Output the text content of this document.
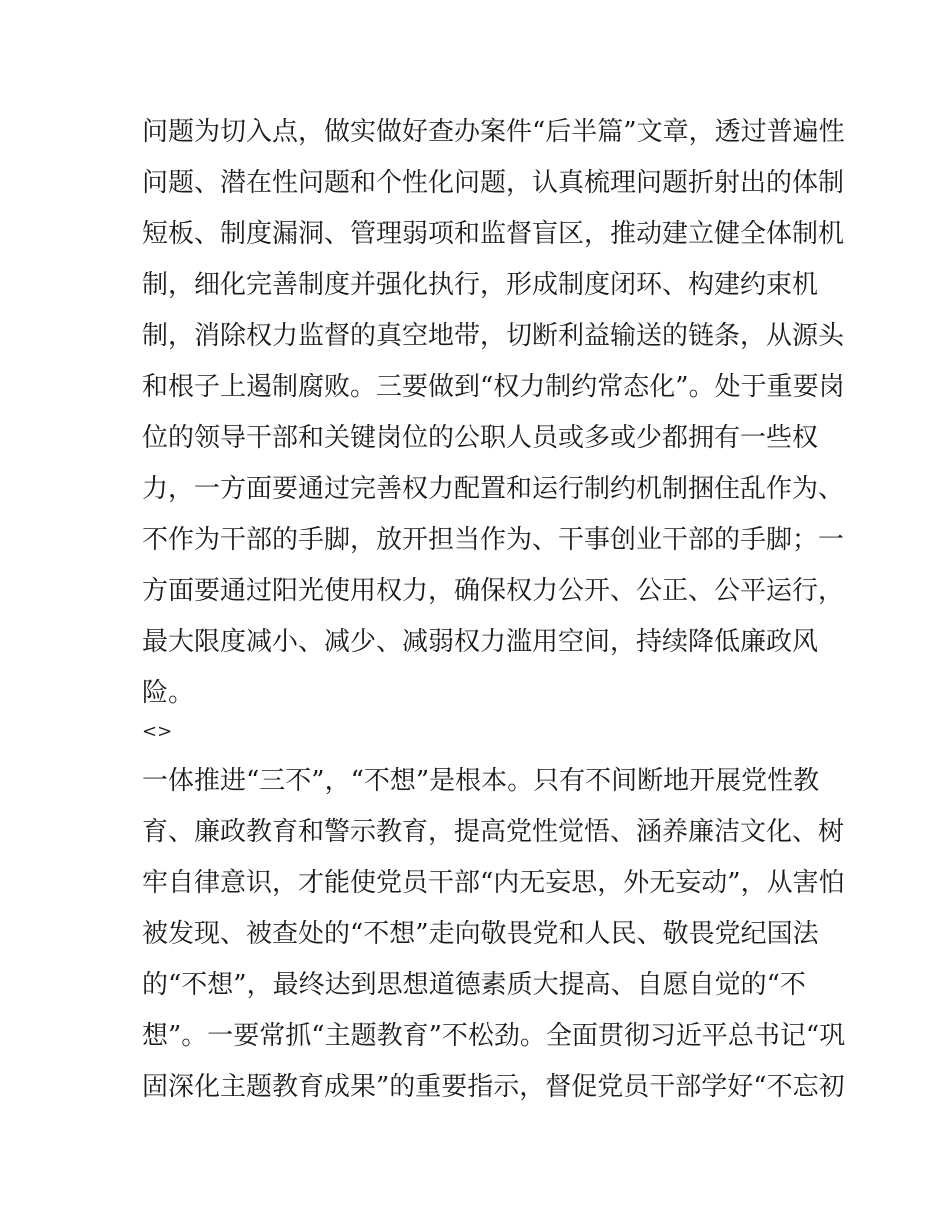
问题为切入点，做实做好查办案件“后半篇”文章，透过普遍性
问题、潜在性问题和个性化问题，认真梳理问题折射出的体制
短板、制度漏洞、管理弱项和监督盲区，推动建立健全体制机
制，细化完善制度并强化执行，形成制度闭环、构建约束机
制，消除权力监督的真空地带，切断利益输送的链条，从源头
和根子上遏制腐败。三要做到“权力制约常态化”。处于重要岗
位的领导干部和关键岗位的公职人员或多或少都拥有一些权
力，一方面要通过完善权力配置和运行制约机制捆住乱作为、
不作为干部的手脚，放开担当作为、干事创业干部的手脚；一
方面要通过阳光使用权力，确保权力公开、公正、公平运行，
最大限度减小、减少、减弱权力滥用空间，持续降低廉政风
险。
<>
一体推进“三不”，“不想”是根本。只有不间断地开展党性教
育、廉政教育和警示教育，提高党性觉悟、涵养廉洁文化、树
牢自律意识，才能使党员干部“内无妄思，外无妄动”，从害怕
被发现、被查处的“不想”走向敬畏党和人民、敬畏党纪国法
的“不想”，最终达到思想道德素质大提高、自愿自觉的“不
想”。一要常抓“主题教育”不松劲。全面贯彻习近平总书记“巩
固深化主题教育成果”的重要指示，督促党员干部学好“不忘初
